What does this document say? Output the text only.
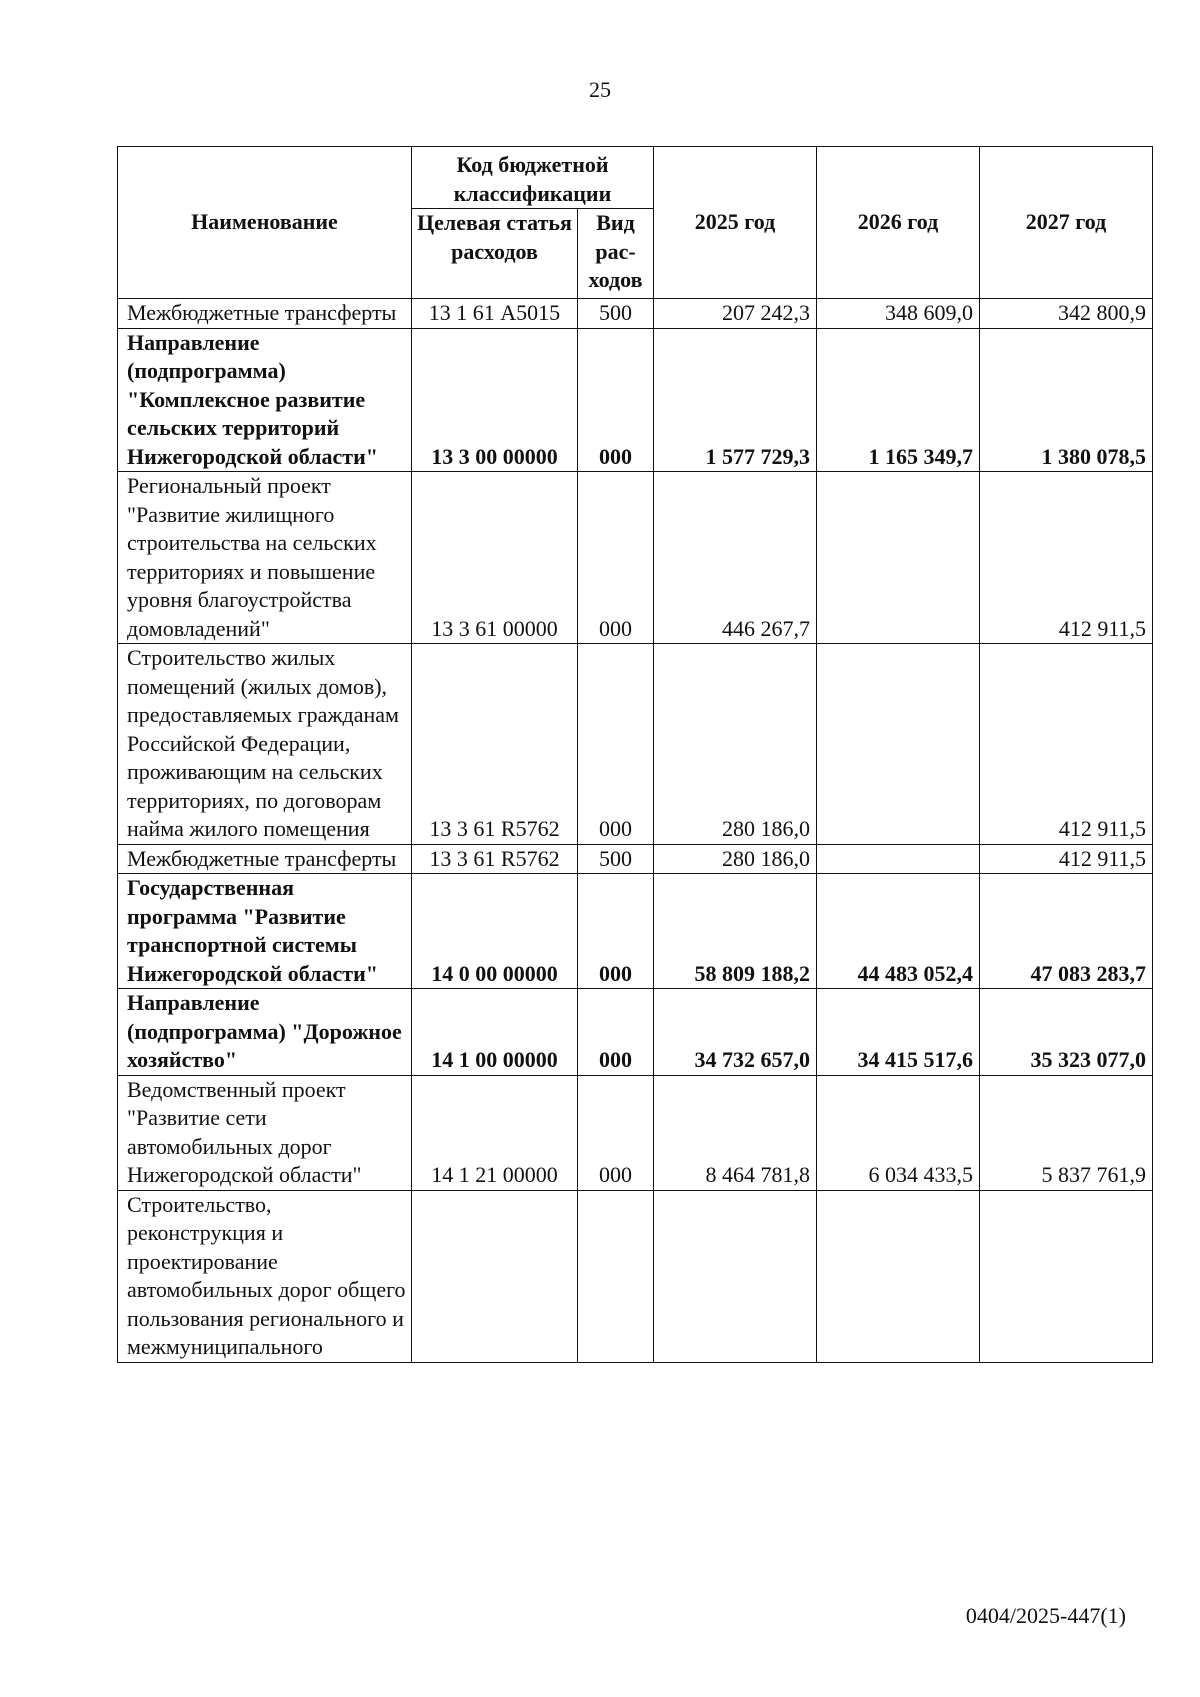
25
Наименование	Код бюджетной классификации		2025 год	2026 год	2027 год
	Целевая статья расходов	Вид рас-ходов			
Межбюджетные трансферты	13 1 61 А5015	500	207 242,3	348 609,0	342 800,9
Направление (подпрограмма) "Комплексное развитие сельских территорий Нижегородской области"	13 3 00 00000	000	1 577 729,3	1 165 349,7	1 380 078,5
Региональный проект "Развитие жилищного строительства на сельских территориях и повышение уровня благоустройства домовладений"	13 3 61 00000	000	446 267,7		412 911,5
Строительство жилых помещений (жилых домов), предоставляемых гражданам Российской Федерации, проживающим на сельских территориях, по договорам найма жилого помещения	13 3 61 R5762	000	280 186,0		412 911,5
Межбюджетные трансферты	13 3 61 R5762	500	280 186,0		412 911,5
Государственная программа "Развитие транспортной системы Нижегородской области"	14 0 00 00000	000	58 809 188,2	44 483 052,4	47 083 283,7
Направление (подпрограмма) "Дорожное хозяйство"	14 1 00 00000	000	34 732 657,0	34 415 517,6	35 323 077,0
Ведомственный проект "Развитие сети автомобильных дорог Нижегородской области"	14 1 21 00000	000	8 464 781,8	6 034 433,5	5 837 761,9
Строительство, реконструкция и проектирование автомобильных дорог общего пользования регионального и межмуниципального					
0404/2025-447(1)
